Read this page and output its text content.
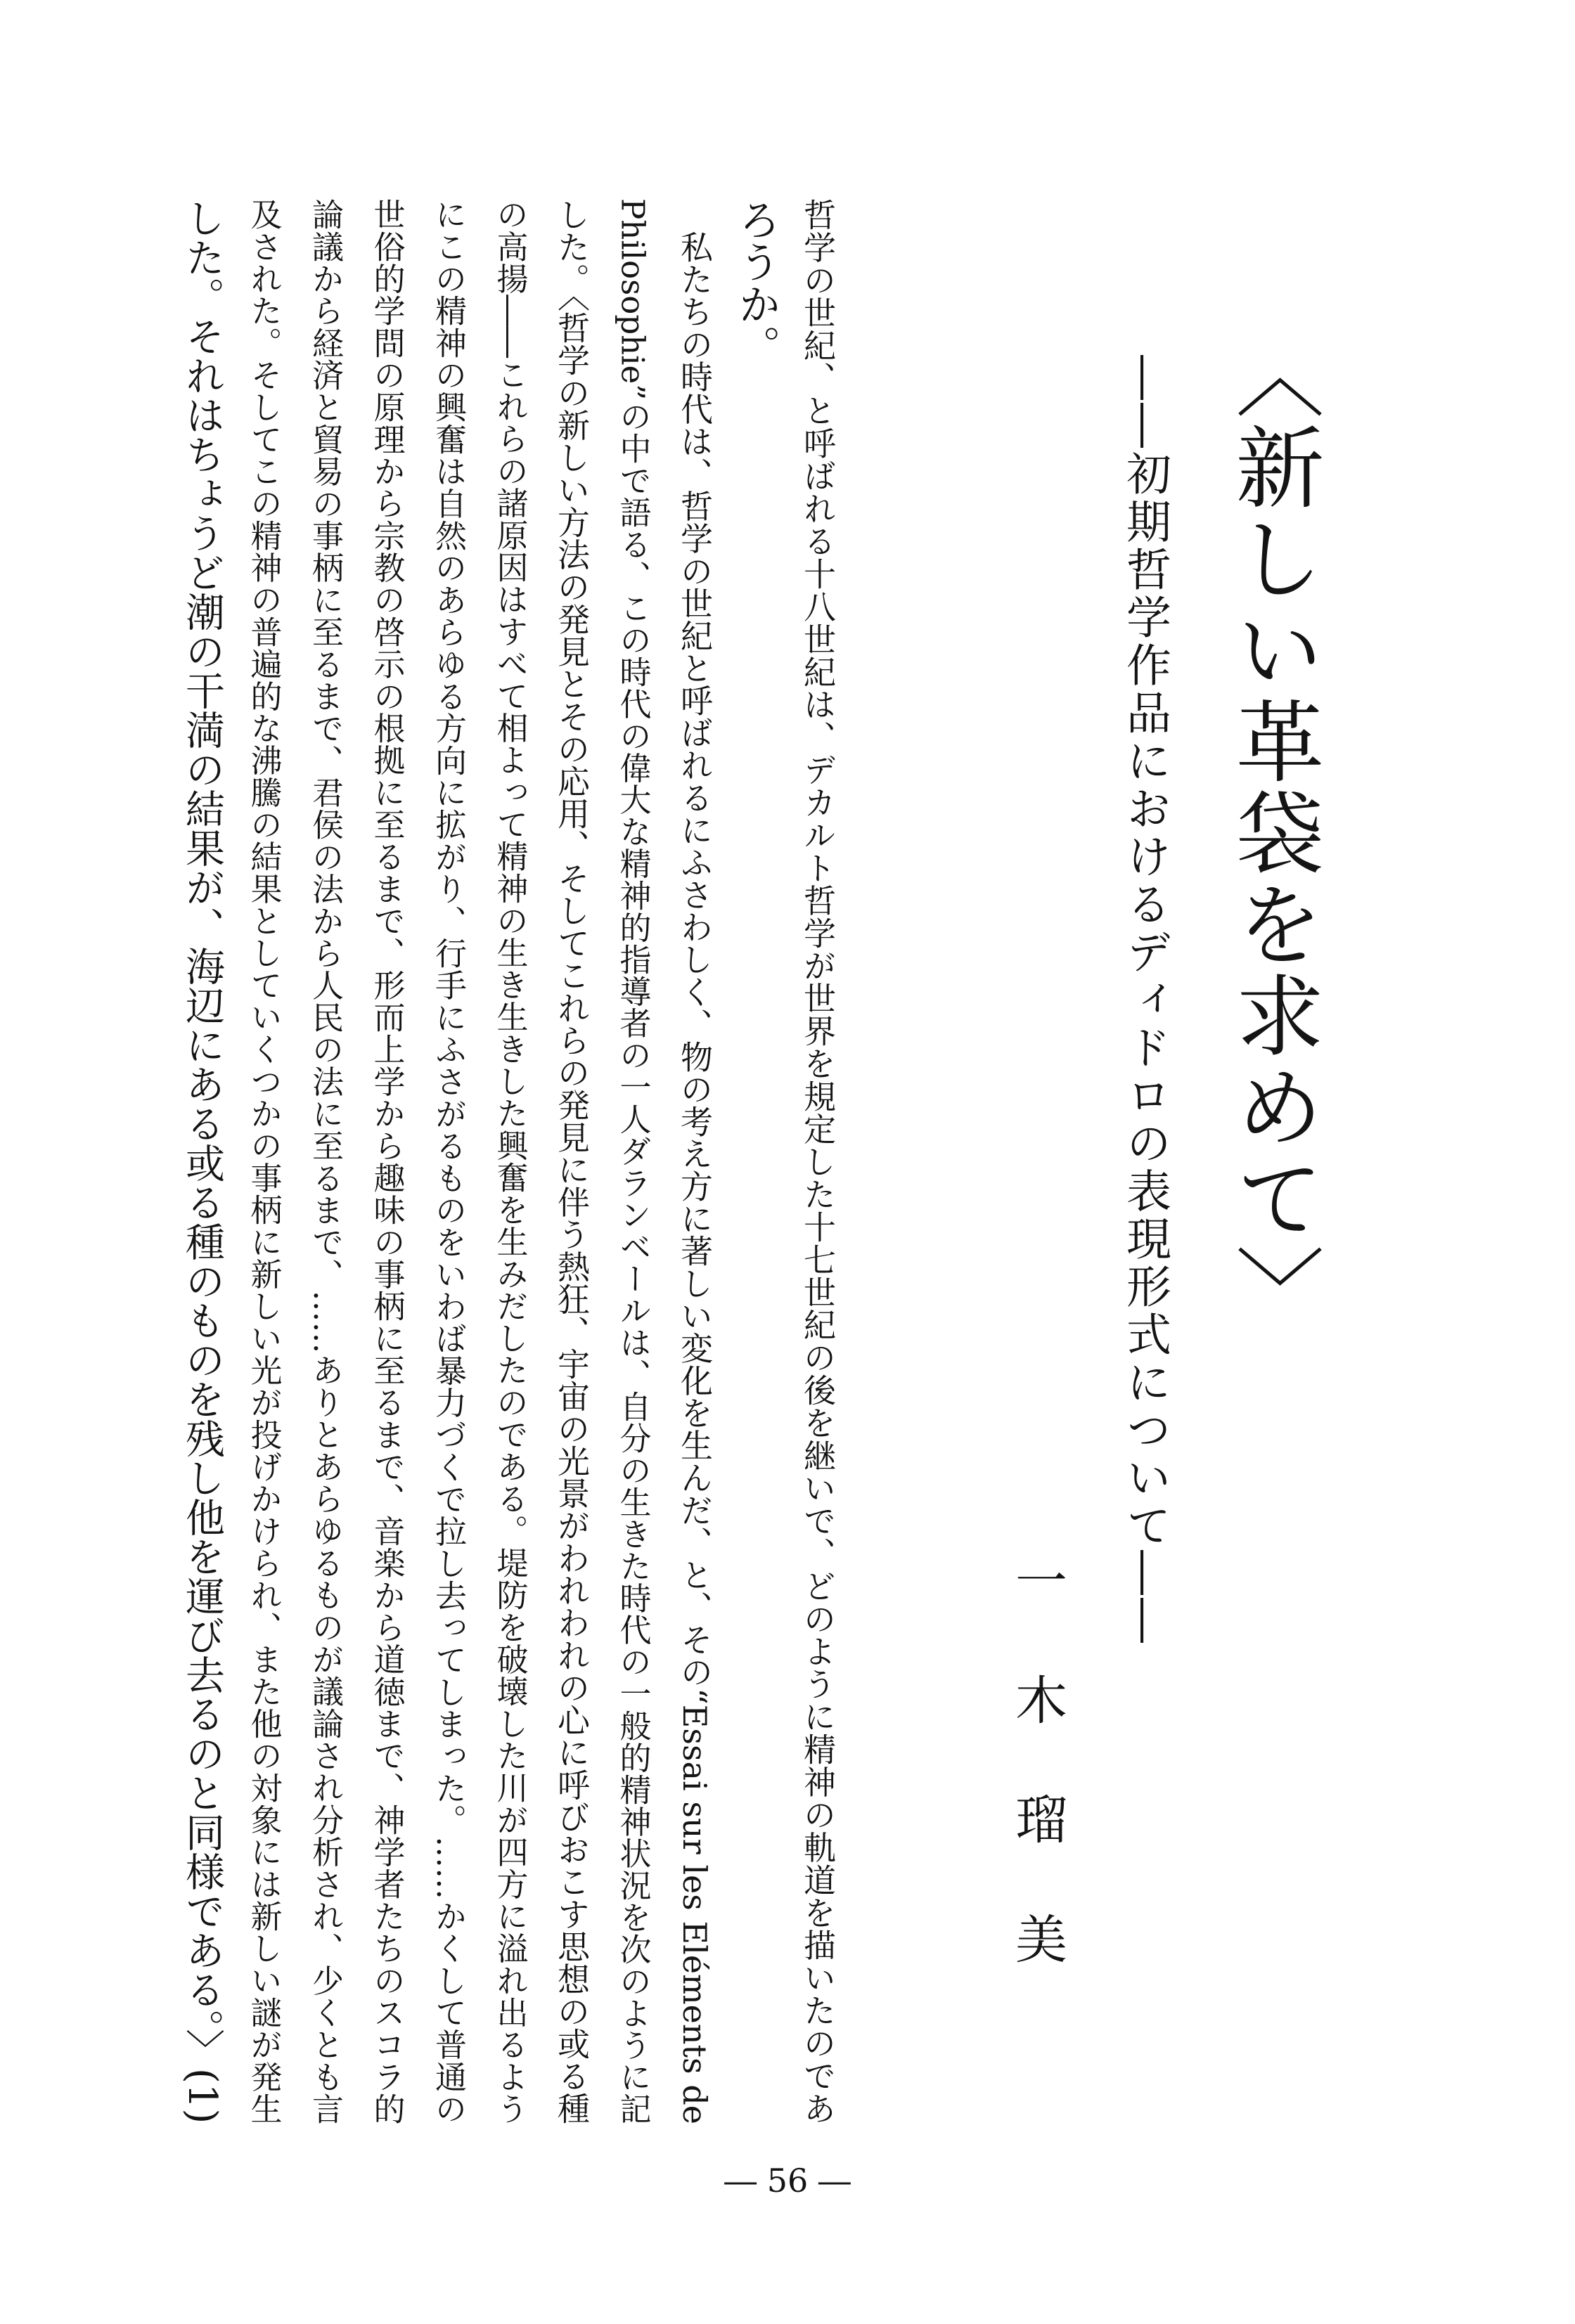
〈新しい革袋を求めて〉
――初期哲学作品におけるディドロの表現形式について――
一木瑠美
哲学の世紀、と呼ばれる十八世紀は、デカルト哲学が世界を規定した十七世紀の後を継いで、どのように精神の軌道を描いたのであ
ろうか。
　私たちの時代は、哲学の世紀と呼ばれるにふさわしく、物の考え方に著しい変化を生んだ、と、その“Essai sur les Eléments de
Philosophie”の中で語る、この時代の偉大な精神的指導者の一人ダランベールは、自分の生きた時代の一般的精神状況を次のように記
した。〈哲学の新しい方法の発見とその応用、そしてこれらの発見に伴う熱狂、宇宙の光景がわれわれの心に呼びおこす思想の或る種
の高揚――これらの諸原因はすべて相よって精神の生き生きした興奮を生みだしたのである。堤防を破壊した川が四方に溢れ出るよう
にこの精神の興奮は自然のあらゆる方向に拡がり、行手にふさがるものをいわば暴力づくで拉し去ってしまった。……かくして普通の
世俗的学問の原理から宗教の啓示の根拠に至るまで、形而上学から趣味の事柄に至るまで、音楽から道徳まで、神学者たちのスコラ的
論議から経済と貿易の事柄に至るまで、君侯の法から人民の法に至るまで、……ありとあらゆるものが議論され分析され、少くとも言
及された。そしてこの精神の普遍的な沸騰の結果としていくつかの事柄に新しい光が投げかけられ、また他の対象には新しい謎が発生
した。それはちょうど潮の干満の結果が、海辺にある或る種のものを残し他を運び去るのと同様である。〉(1)
― 56 ―
